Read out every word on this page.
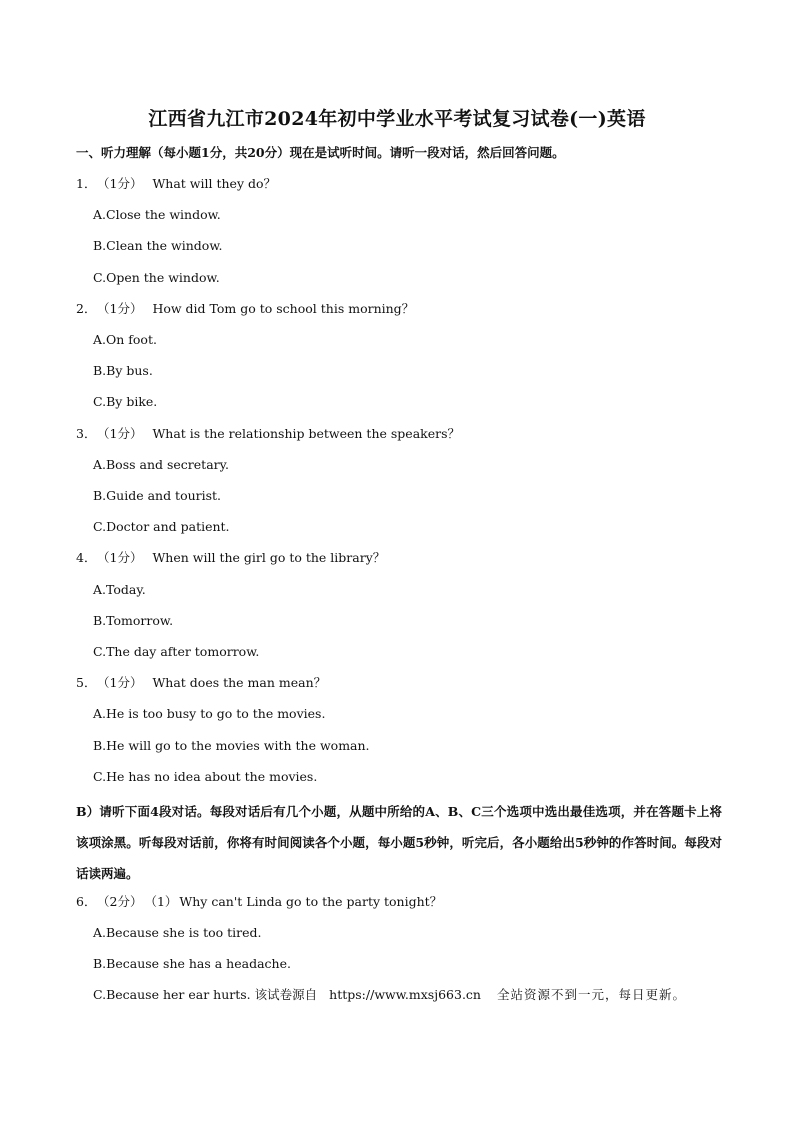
江西省九江市2024年初中学业水平考试复习试卷(一)英语
一、听力理解（每小题1分，共20分）现在是试听时间。请听一段对话，然后回答问题。
1．（1分） What will they do？
A.Close the window.
B.Clean the window.
C.Open the window.
2．（1分） How did Tom go to school this morning？
A.On foot.
B.By bus.
C.By bike.
3．（1分） What is the relationship between the speakers？
A.Boss and secretary.
B.Guide and tourist.
C.Doctor and patient.
4．（1分） When will the girl go to the library？
A.Today.
B.Tomorrow.
C.The day after tomorrow.
5．（1分） What does the man mean？
A.He is too busy to go to the movies.
B.He will go to the movies with the woman.
C.He has no idea about the movies.
B）请听下面4段对话。每段对话后有几个小题，从题中所给的A、B、C三个选项中选出最佳选项，并在答题卡上将该项涂黑。听每段对话前，你将有时间阅读各个小题，每小题5秒钟，听完后，各小题给出5秒钟的作答时间。每段对话读两遍。
6．（2分） （1） Why can't Linda go to the party tonight？
A.Because she is too tired.
B.Because she has a headache.
C.Because her ear hurts. 该试卷源自 https://www.mxsj663.cn 全站资源不到一元，每日更新。
